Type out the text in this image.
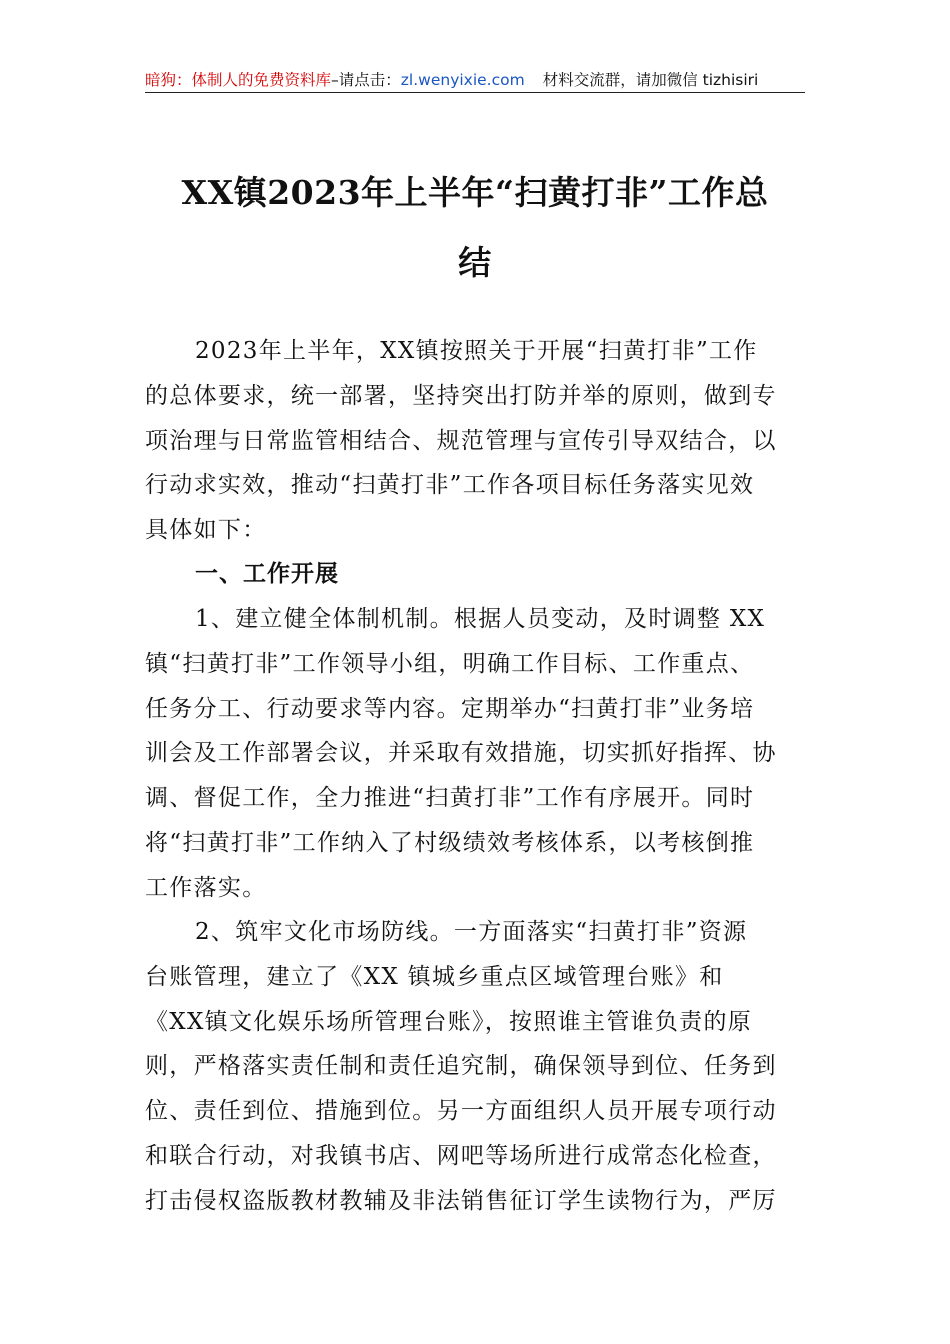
暗狗：体制人的免费资料库–请点击：zl.wenyixie.com 材料交流群，请加微信 tizhisiri
XX镇2023年上半年“扫黄打非”工作总
结
2023年上半年，XX镇按照关于开展“扫黄打非”工作
的总体要求，统一部署，坚持突出打防并举的原则，做到专
项治理与日常监管相结合、规范管理与宣传引导双结合，以
行动求实效，推动“扫黄打非”工作各项目标任务落实见效
具体如下：
一、工作开展
1、建立健全体制机制。根据人员变动，及时调整 XX
镇“扫黄打非”工作领导小组，明确工作目标、工作重点、
任务分工、行动要求等内容。定期举办“扫黄打非”业务培
训会及工作部署会议，并采取有效措施，切实抓好指挥、协
调、督促工作，全力推进“扫黄打非”工作有序展开。同时
将“扫黄打非”工作纳入了村级绩效考核体系，以考核倒推
工作落实。
2、筑牢文化市场防线。一方面落实“扫黄打非”资源
台账管理，建立了《XX 镇城乡重点区域管理台账》和
《XX镇文化娱乐场所管理台账》，按照谁主管谁负责的原
则，严格落实责任制和责任追究制，确保领导到位、任务到
位、责任到位、措施到位。另一方面组织人员开展专项行动
和联合行动，对我镇书店、网吧等场所进行成常态化检查，
打击侵权盗版教材教辅及非法销售征订学生读物行为，严厉
